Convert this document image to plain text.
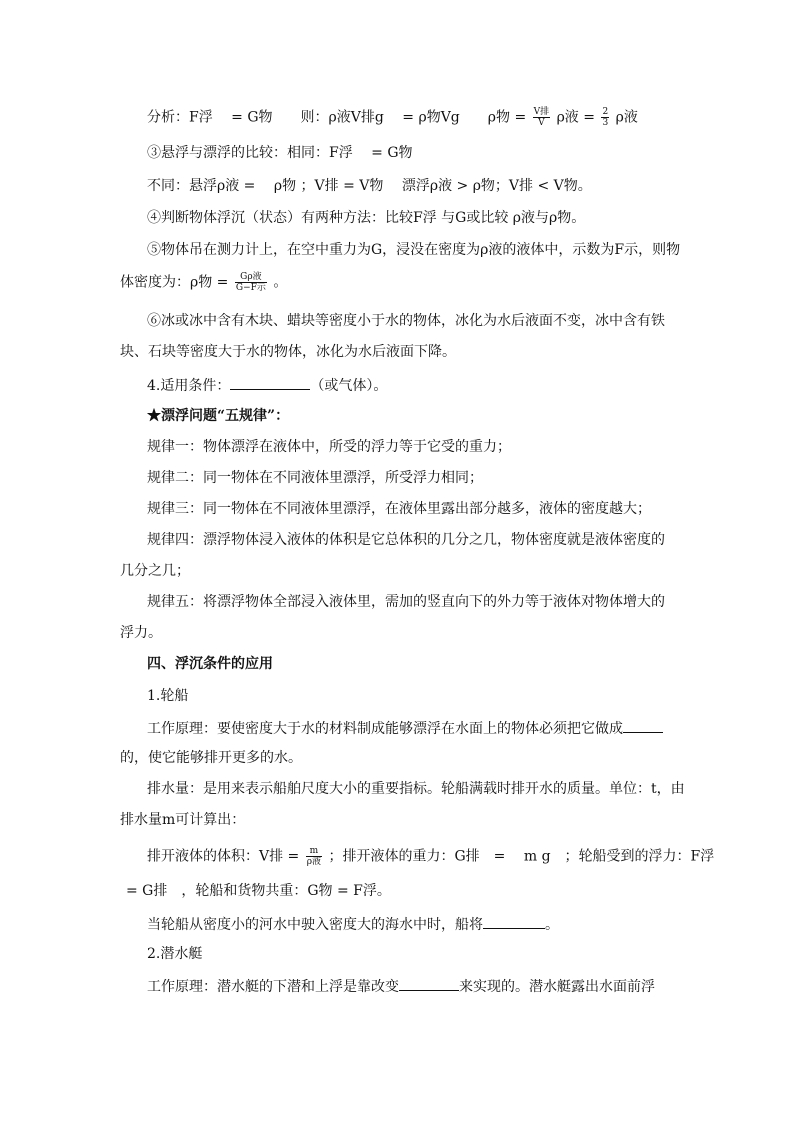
分析：F浮 　= G物　　则：ρ液V排g　 = ρ物Vg　　ρ物 = $\frac{\text{V排}}{V}$ ρ液 = $\frac{2}{3}$ ρ液
③悬浮与漂浮的比较：相同：F浮 　= G物
不同：悬浮ρ液 = 　ρ物 ；V排 = V物　 漂浮ρ液 > ρ物；V排 < V物。
④判断物体浮沉（状态）有两种方法：比较F浮 与G或比较 ρ液与ρ物。
⑤物体吊在测力计上，在空中重力为G，浸没在密度为ρ液的液体中，示数为F示，则物
体密度为：ρ物 = $\frac{\text{Gρ液}}{\text{G−F示}}$ 。
⑥冰或冰中含有木块、蜡块等密度小于水的物体，冰化为水后液面不变，冰中含有铁
块、石块等密度大于水的物体，冰化为水后液面下降。
4.适用条件：	（或气体）。
★漂浮问题“五规律”：
规律一：物体漂浮在液体中，所受的浮力等于它受的重力；
规律二：同一物体在不同液体里漂浮，所受浮力相同；
规律三：同一物体在不同液体里漂浮，在液体里露出部分越多，液体的密度越大；
规律四：漂浮物体浸入液体的体积是它总体积的几分之几，物体密度就是液体密度的
几分之几；
规律五：将漂浮物体全部浸入液体里，需加的竖直向下的外力等于液体对物体增大的
浮力。
四、浮沉条件的应用
1.轮船
工作原理：要使密度大于水的材料制成能够漂浮在水面上的物体必须把它做成
的，使它能够排开更多的水。
排水量：是用来表示船舶尺度大小的重要指标。轮船满载时排开水的质量。单位：t，由
排水量m可计算出：
排开液体的体积：V排 = $\frac{m}{\text{ρ液}}$ ；排开液体的重力：G排　= 　m g　；轮船受到的浮力：F浮
= G排　，轮船和货物共重：G物 = F浮。
当轮船从密度小的河水中驶入密度大的海水中时，船将	。
2.潜水艇
工作原理：潜水艇的下潜和上浮是靠改变	来实现的。潜水艇露出水面前浮
